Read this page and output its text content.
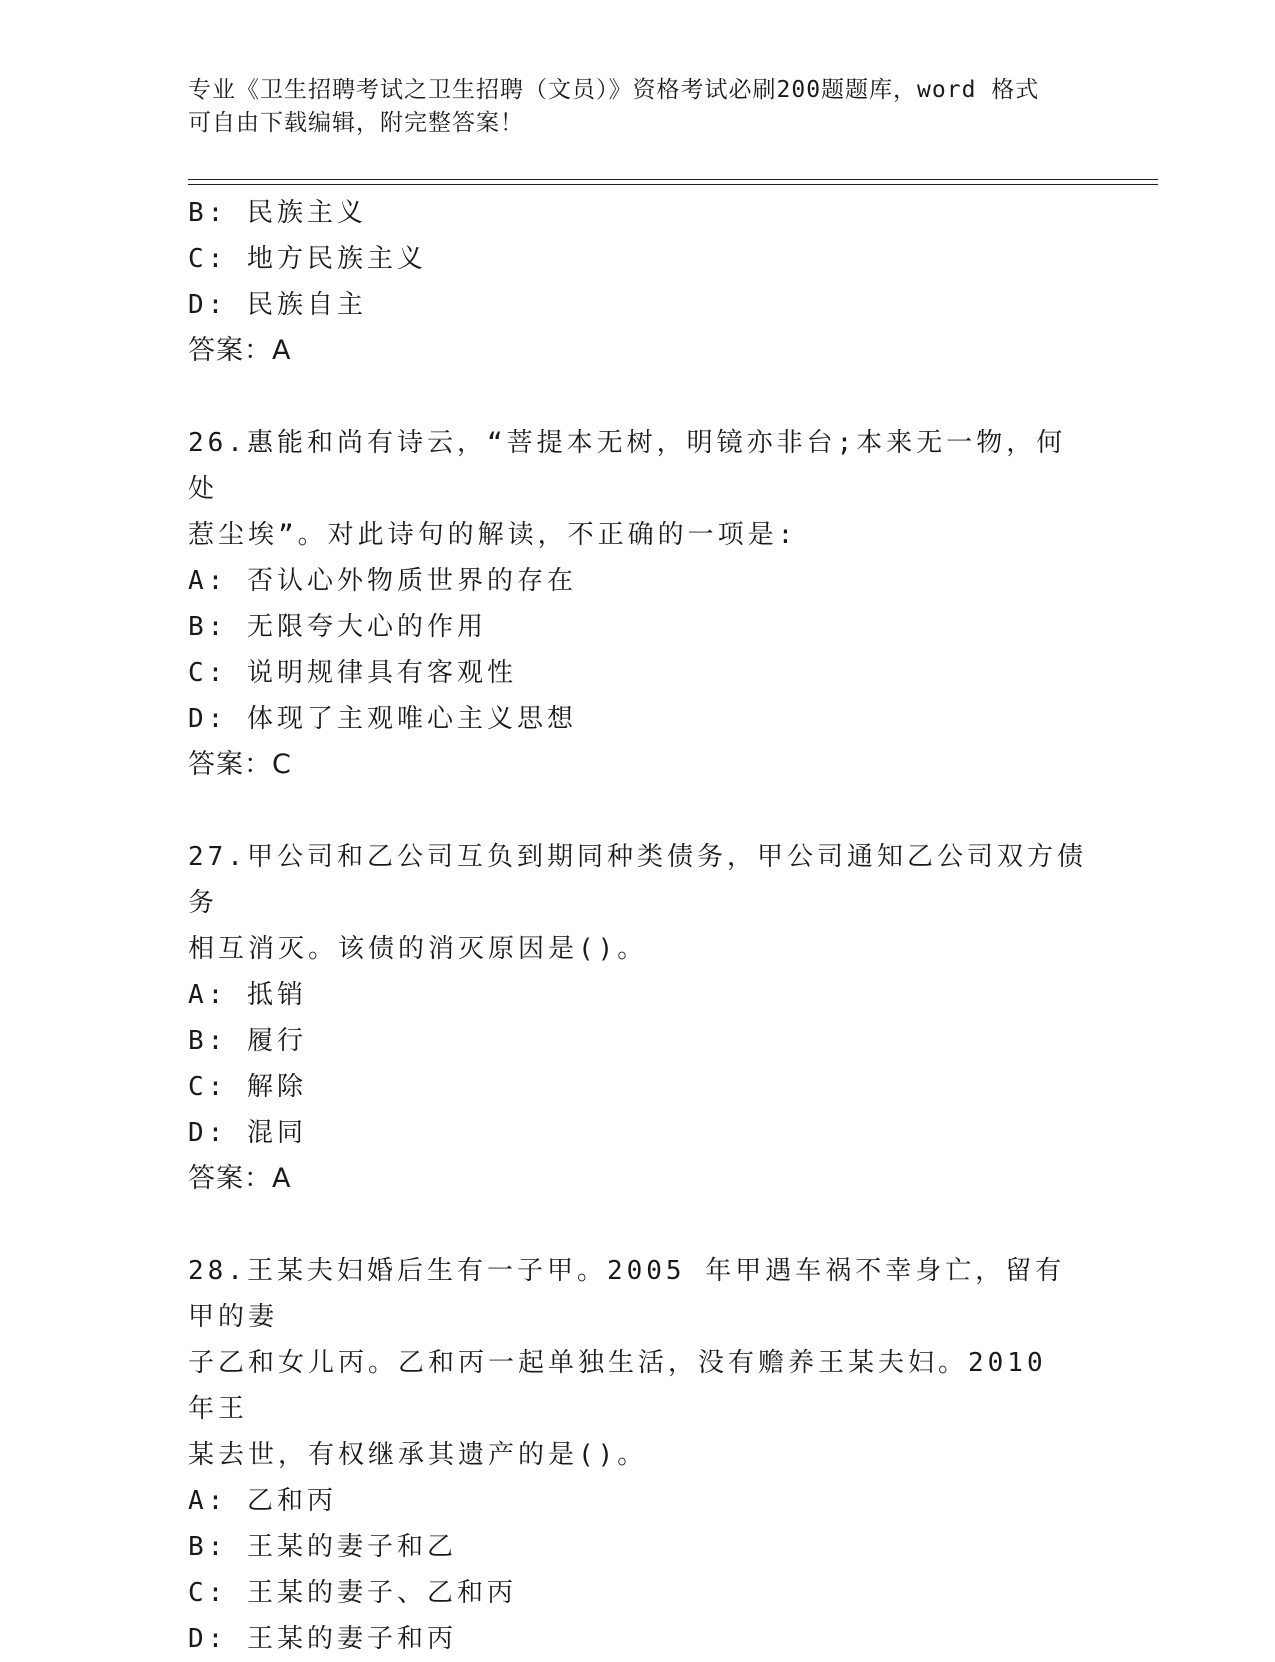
专业《卫生招聘考试之卫生招聘（文员）》资格考试必刷200题题库，word 格式
可自由下载编辑，附完整答案！
B: 民族主义
C: 地方民族主义
D: 民族自主
答案：A
26.惠能和尚有诗云，“菩提本无树，明镜亦非台;本来无一物，何处
惹尘埃”。对此诗句的解读，不正确的一项是:
A: 否认心外物质世界的存在
B: 无限夸大心的作用
C: 说明规律具有客观性
D: 体现了主观唯心主义思想
答案：C
27.甲公司和乙公司互负到期同种类债务，甲公司通知乙公司双方债务
相互消灭。该债的消灭原因是()。
A: 抵销
B: 履行
C: 解除
D: 混同
答案：A
28.王某夫妇婚后生有一子甲。2005 年甲遇车祸不幸身亡，留有甲的妻
子乙和女儿丙。乙和丙一起单独生活，没有赡养王某夫妇。2010 年王
某去世，有权继承其遗产的是()。
A: 乙和丙
B: 王某的妻子和乙
C: 王某的妻子、乙和丙
D: 王某的妻子和丙
